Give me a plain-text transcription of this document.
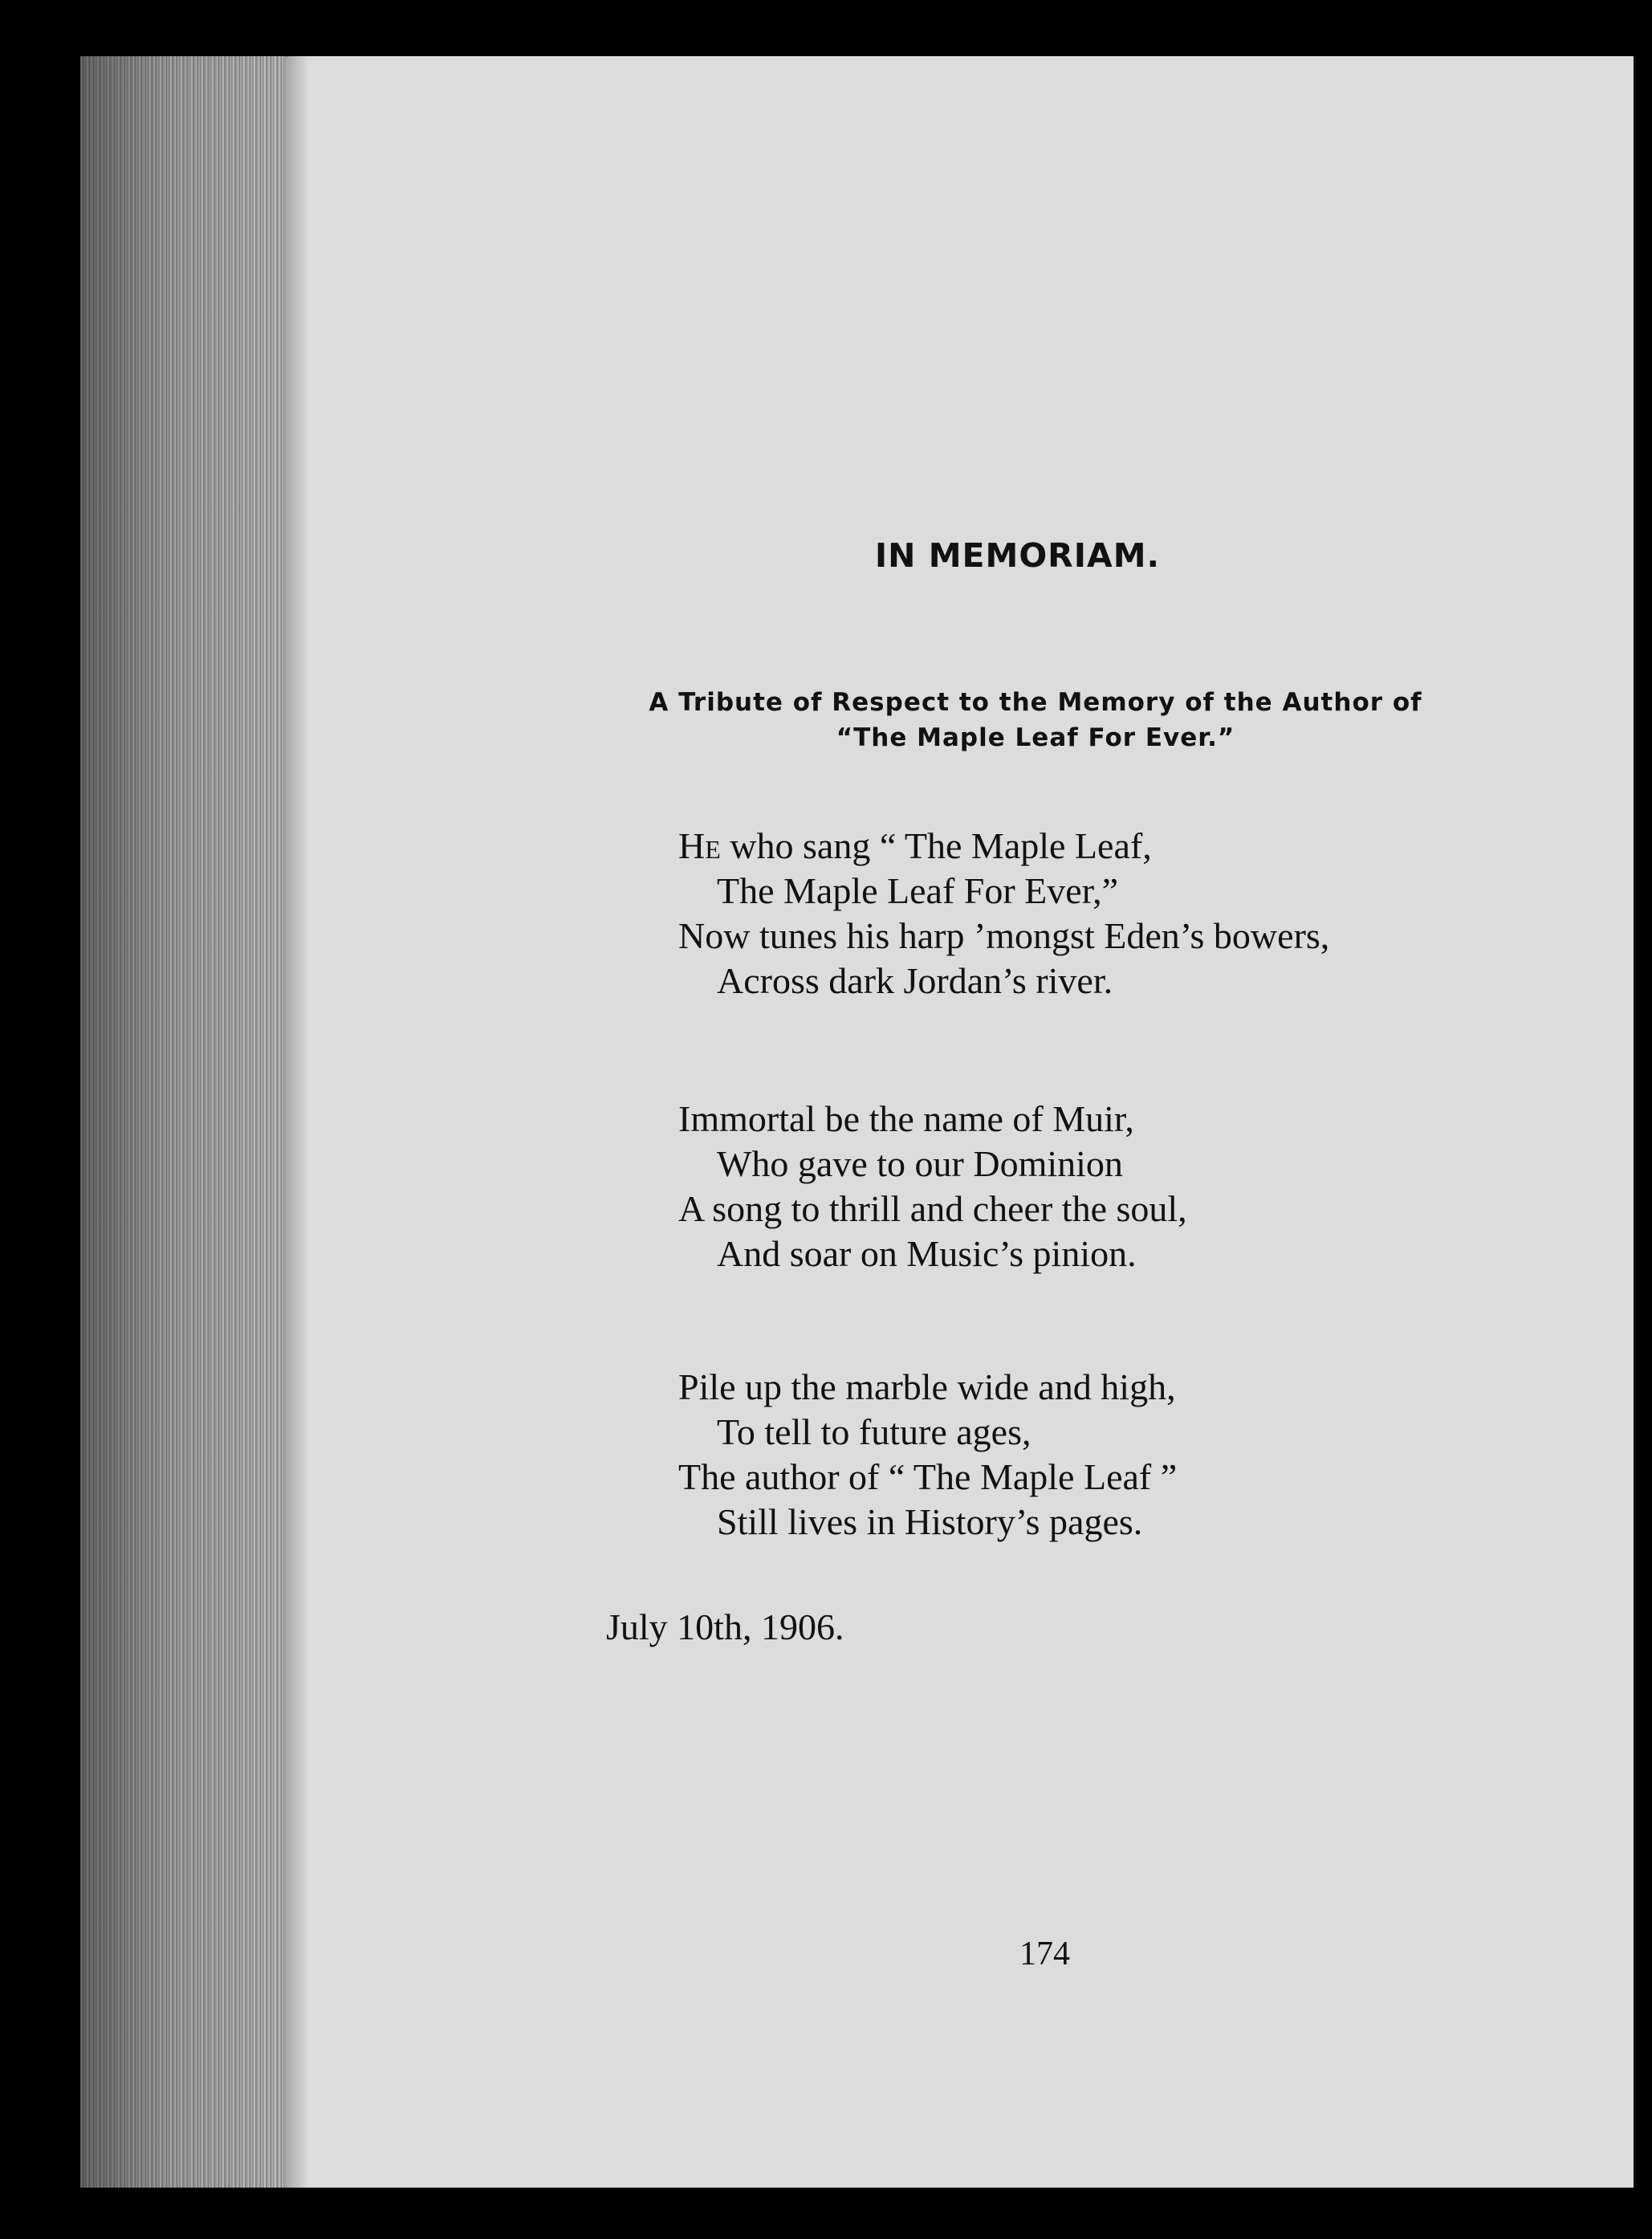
IN MEMORIAM.
A Tribute of Respect to the Memory of the Author of
“The Maple Leaf For Ever.”
He who sang “ The Maple Leaf,
The Maple Leaf For Ever,”
Now tunes his harp ’mongst Eden’s bowers,
Across dark Jordan’s river.
Immortal be the name of Muir,
Who gave to our Dominion
A song to thrill and cheer the soul,
And soar on Music’s pinion.
Pile up the marble wide and high,
To tell to future ages,
The author of “ The Maple Leaf ”
Still lives in History’s pages.
July 10th, 1906.
174
